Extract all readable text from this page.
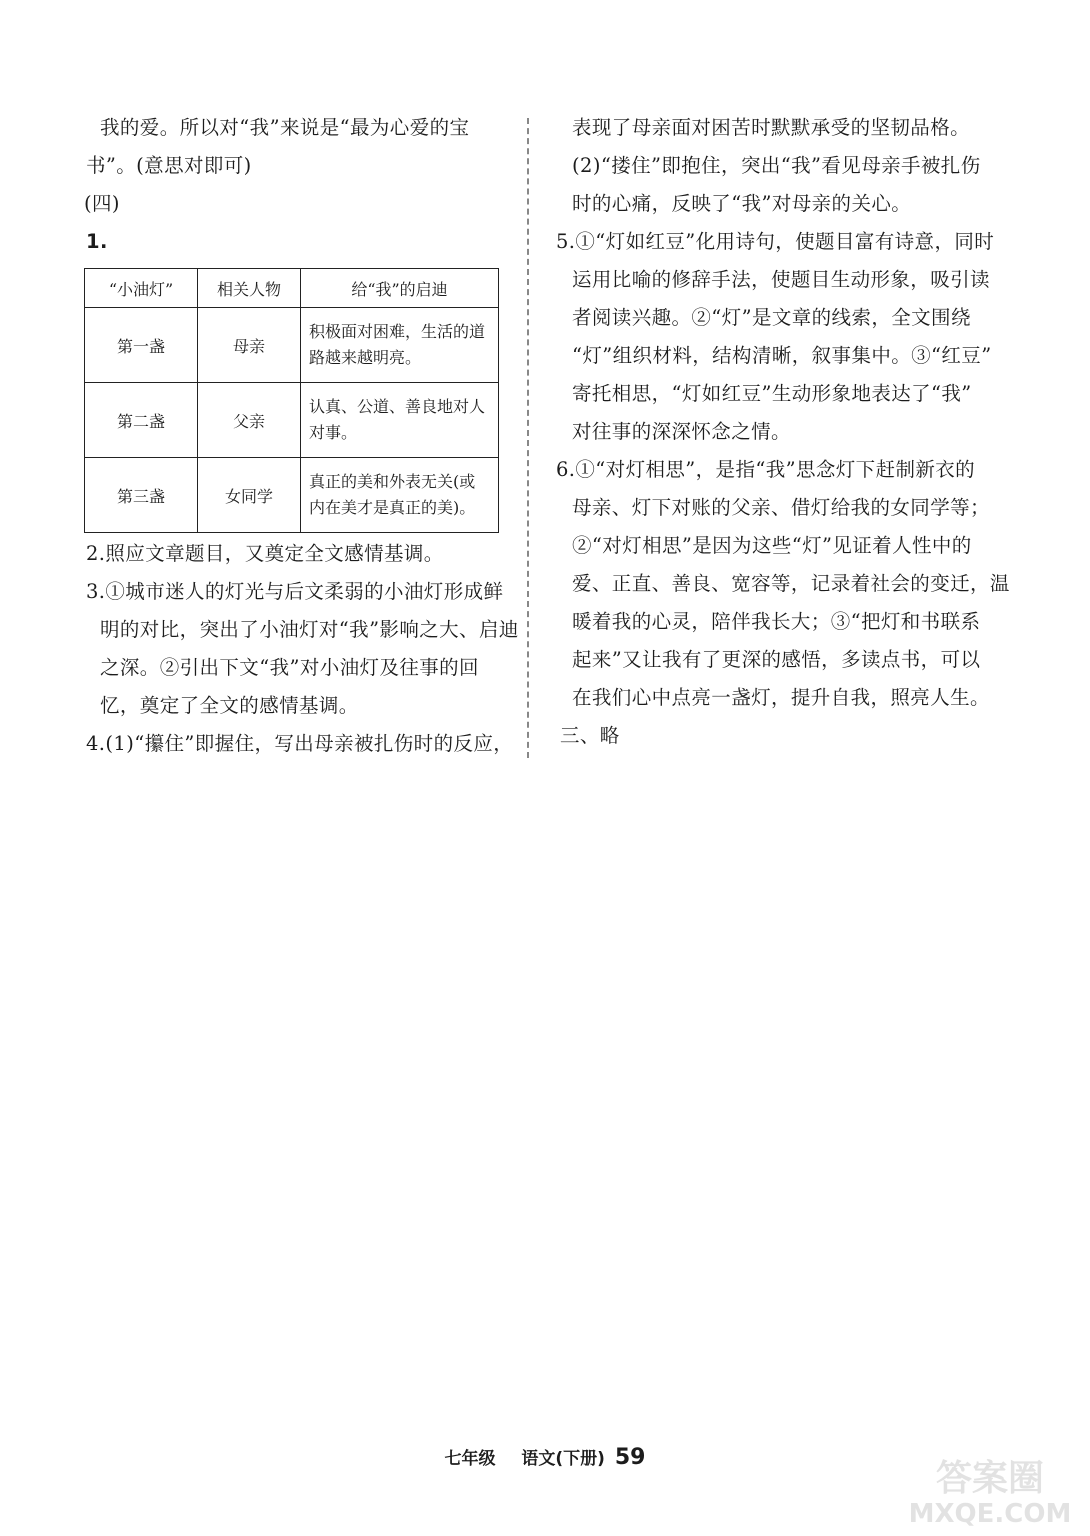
我的爱。所以对“我”来说是“最为心爱的宝
书”。(意思对即可)
(四)
1.
“小油灯”	相关人物	给“我”的启迪
第一盏	母亲	积极面对困难，生活的道路越来越明亮。
第二盏	父亲	认真、公道、善良地对人对事。
第三盏	女同学	真正的美和外表无关(或内在美才是真正的美)。
2.照应文章题目，又奠定全文感情基调。
3.①城市迷人的灯光与后文柔弱的小油灯形成鲜
明的对比，突出了小油灯对“我”影响之大、启迪
之深。②引出下文“我”对小油灯及往事的回
忆，奠定了全文的感情基调。
4.(1)“攥住”即握住，写出母亲被扎伤时的反应，
表现了母亲面对困苦时默默承受的坚韧品格。
(2)“搂住”即抱住，突出“我”看见母亲手被扎伤
时的心痛，反映了“我”对母亲的关心。
5.①“灯如红豆”化用诗句，使题目富有诗意，同时
运用比喻的修辞手法，使题目生动形象，吸引读
者阅读兴趣。②“灯”是文章的线索，全文围绕
“灯”组织材料，结构清晰，叙事集中。③“红豆”
寄托相思，“灯如红豆”生动形象地表达了“我”
对往事的深深怀念之情。
6.①“对灯相思”，是指“我”思念灯下赶制新衣的
母亲、灯下对账的父亲、借灯给我的女同学等；
②“对灯相思”是因为这些“灯”见证着人性中的
爱、正直、善良、宽容等，记录着社会的变迁，温
暖着我的心灵，陪伴我长大；③“把灯和书联系
起来”又让我有了更深的感悟，多读点书，可以
在我们心中点亮一盏灯，提升自我，照亮人生。
三、略
七年级 语文(下册) 59
答案圈
MXQE.COM
